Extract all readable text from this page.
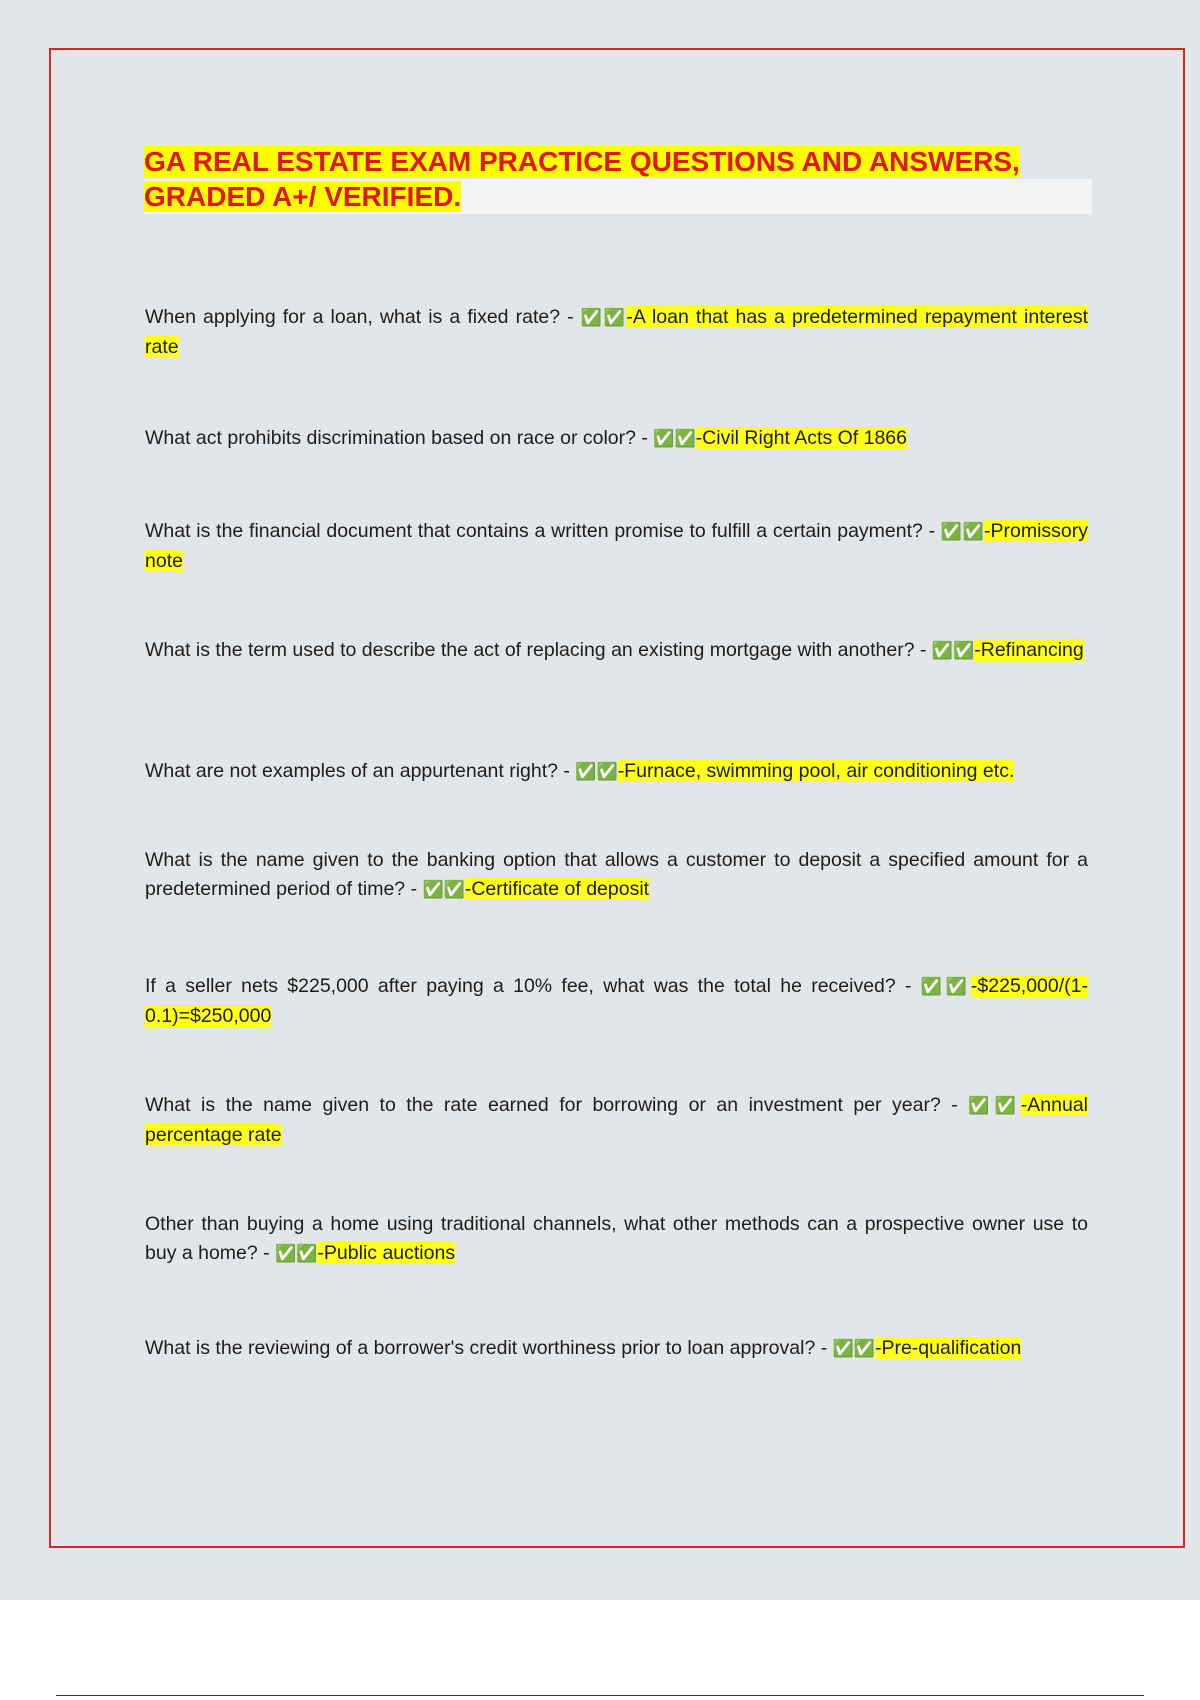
GA REAL ESTATE EXAM PRACTICE QUESTIONS AND ANSWERS,
GRADED A+/ VERIFIED.
When applying for a loan, what is a fixed rate? - ✅✅-A loan that has a predetermined repayment interest rate
What act prohibits discrimination based on race or color? - ✅✅-Civil Right Acts Of 1866
What is the financial document that contains a written promise to fulfill a certain payment? - ✅✅-Promissory note
What is the term used to describe the act of replacing an existing mortgage with another? - ✅✅-Refinancing
What are not examples of an appurtenant right? - ✅✅-Furnace, swimming pool, air conditioning etc.
What is the name given to the banking option that allows a customer to deposit a specified amount for a predetermined period of time? - ✅✅-Certificate of deposit
If a seller nets $225,000 after paying a 10% fee, what was the total he received? - ✅✅-$225,000/(1-0.1)=$250,000
What is the name given to the rate earned for borrowing or an investment per year? - ✅✅-Annual percentage rate
Other than buying a home using traditional channels, what other methods can a prospective owner use to buy a home? - ✅✅-Public auctions
What is the reviewing of a borrower's credit worthiness prior to loan approval? - ✅✅-Pre-qualification
